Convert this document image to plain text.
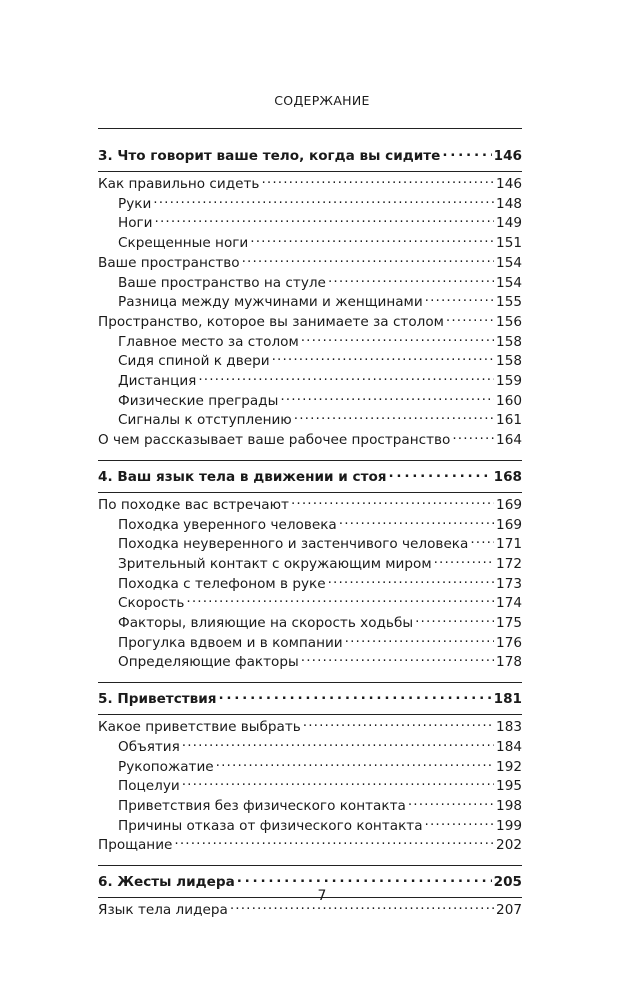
СОДЕРЖАНИЕ
3. Что говорит ваше тело, когда вы сидите . . .	146
Как правильно сидеть . . .	146
Руки . . .	148
Ноги . . .	149
Скрещенные ноги . . .	151
Ваше пространство . . .	154
Ваше пространство на стуле . . .	154
Разница между мужчинами и женщинами . . .	155
Пространство, которое вы занимаете за столом . . .	156
Главное место за столом . . .	158
Сидя спиной к двери . . .	158
Дистанция . . .	159
Физические преграды . . .	160
Сигналы к отступлению . . .	161
О чем рассказывает ваше рабочее пространство . . .	164
4. Ваш язык тела в движении и стоя . . .	168
По походке вас встречают . . .	169
Походка уверенного человека . . .	169
Походка неуверенного и застенчивого человека . . . 171
Зрительный контакт с окружающим миром . . .	172
Походка с телефоном в руке . . .	173
Скорость . . .	174
Факторы, влияющие на скорость ходьбы . . .	175
Прогулка вдвоем и в компании . . .	176
Определяющие факторы . . .	178
5. Приветствия . . .	181
Какое приветствие выбрать . . .	183
Объятия . . .	184
Рукопожатие . . .	192
Поцелуи . . .	195
Приветствия без физического контакта . . .	198
Причины отказа от физического контакта . . .	199
Прощание . . .	202
6. Жесты лидера . . .	205
Язык тела лидера . . .	207
7
